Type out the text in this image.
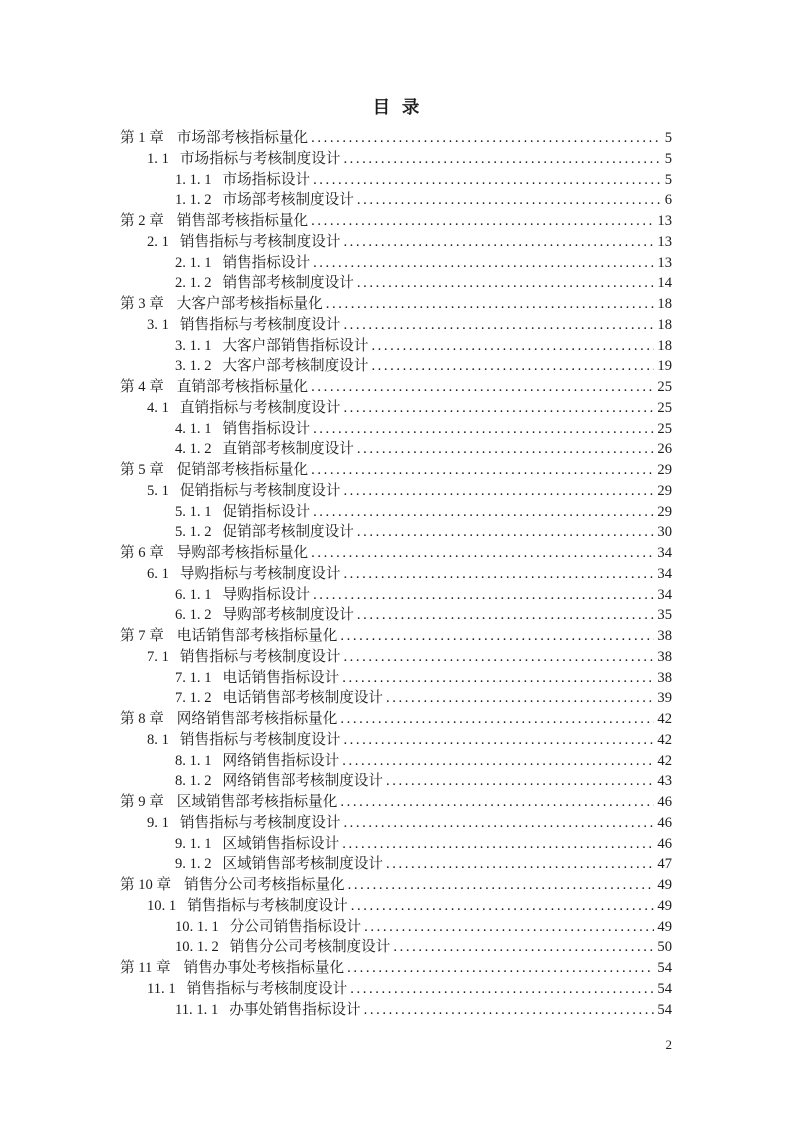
目  录
第 1 章 市场部考核指标量化 .....	5
1. 1 市场指标与考核制度设计 .....	5
1. 1. 1 市场指标设计 .....	5
1. 1. 2 市场部考核制度设计 .....	6
第 2 章 销售部考核指标量化 .....	13
2. 1 销售指标与考核制度设计 .....	13
2. 1. 1 销售指标设计 .....	13
2. 1. 2 销售部考核制度设计 .....	14
第 3 章 大客户部考核指标量化 .....	18
3. 1 销售指标与考核制度设计 .....	18
3. 1. 1 大客户部销售指标设计 .....	18
3. 1. 2 大客户部考核制度设计 .....	19
第 4 章 直销部考核指标量化 .....	25
4. 1 直销指标与考核制度设计 .....	25
4. 1. 1 销售指标设计 .....	25
4. 1. 2 直销部考核制度设计 .....	26
第 5 章 促销部考核指标量化 .....	29
5. 1 促销指标与考核制度设计 .....	29
5. 1. 1 促销指标设计 .....	29
5. 1. 2 促销部考核制度设计 .....	30
第 6 章 导购部考核指标量化 .....	34
6. 1 导购指标与考核制度设计 .....	34
6. 1. 1 导购指标设计 .....	34
6. 1. 2 导购部考核制度设计 .....	35
第 7 章 电话销售部考核指标量化 .....	38
7. 1 销售指标与考核制度设计 .....	38
7. 1. 1 电话销售指标设计 .....	38
7. 1. 2 电话销售部考核制度设计 .....	39
第 8 章 网络销售部考核指标量化 .....	42
8. 1 销售指标与考核制度设计 .....	42
8. 1. 1 网络销售指标设计 .....	42
8. 1. 2 网络销售部考核制度设计 .....	43
第 9 章 区域销售部考核指标量化 .....	46
9. 1 销售指标与考核制度设计 .....	46
9. 1. 1 区域销售指标设计 .....	46
9. 1. 2 区域销售部考核制度设计 .....	47
第 10 章 销售分公司考核指标量化 .....	49
10. 1 销售指标与考核制度设计 .....	49
10. 1. 1 分公司销售指标设计 .....	49
10. 1. 2 销售分公司考核制度设计 .....	50
第 11 章 销售办事处考核指标量化 .....	54
11. 1 销售指标与考核制度设计 .....	54
11. 1. 1 办事处销售指标设计 .....	54
2
